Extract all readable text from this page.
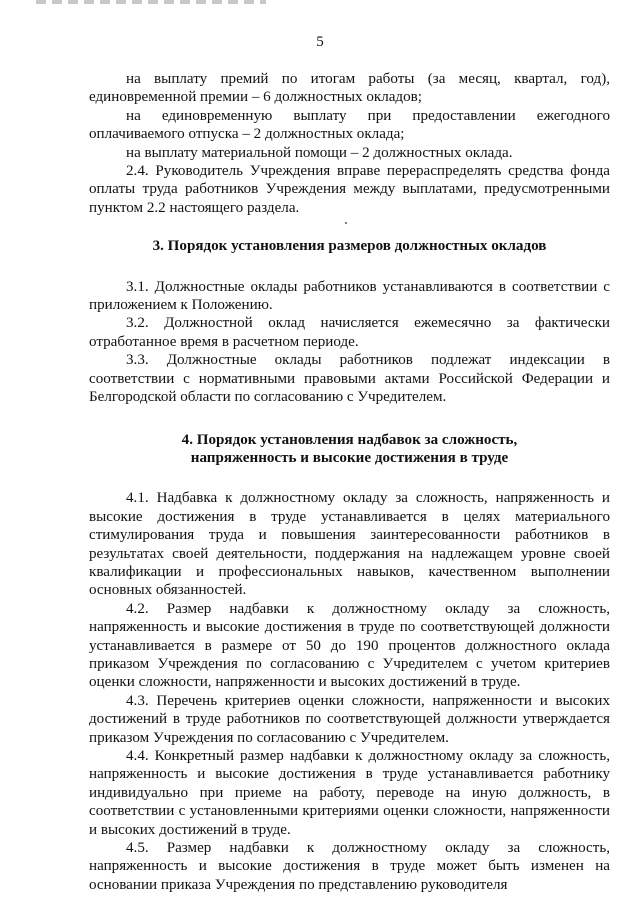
5

на выплату премий по итогам работы (за месяц, квартал, год), единовременной премии – 6 должностных окладов;

на единовременную выплату при предоставлении ежегодного оплачиваемого отпуска – 2 должностных оклада;

на выплату материальной помощи – 2 должностных оклада.

2.4. Руководитель Учреждения вправе перераспределять средства фонда оплаты труда работников Учреждения между выплатами, предусмотренными пунктом 2.2 настоящего раздела.

3. Порядок установления размеров должностных окладов

3.1. Должностные оклады работников устанавливаются в соответствии с приложением к Положению.

3.2. Должностной оклад начисляется ежемесячно за фактически отработанное время в расчетном периоде.

3.3. Должностные оклады работников подлежат индексации в соответствии с нормативными правовыми актами Российской Федерации и Белгородской области по согласованию с Учредителем.

4. Порядок установления надбавок за сложность,

напряженность и высокие достижения в труде

4.1. Надбавка к должностному окладу за сложность, напряженность и высокие достижения в труде устанавливается в целях материального стимулирования труда и повышения заинтересованности работников в результатах своей деятельности, поддержания на надлежащем уровне своей квалификации и профессиональных навыков, качественном выполнении основных обязанностей.

4.2. Размер надбавки к должностному окладу за сложность, напряженность и высокие достижения в труде по соответствующей должности устанавливается в размере от 50 до 190 процентов должностного оклада приказом Учреждения по согласованию с Учредителем с учетом критериев оценки сложности, напряженности и высоких достижений в труде.

4.3. Перечень критериев оценки сложности, напряженности и высоких достижений в труде работников по соответствующей должности утверждается приказом Учреждения по согласованию с Учредителем.

4.4. Конкретный размер надбавки к должностному окладу за сложность, напряженность и высокие достижения в труде устанавливается работнику индивидуально при приеме на работу, переводе на иную должность, в соответствии с установленными критериями оценки сложности, напряженности и высоких достижений в труде.

4.5. Размер надбавки к должностному окладу за сложность, напряженность и высокие достижения в труде может быть изменен на основании приказа Учреждения по представлению руководителя
